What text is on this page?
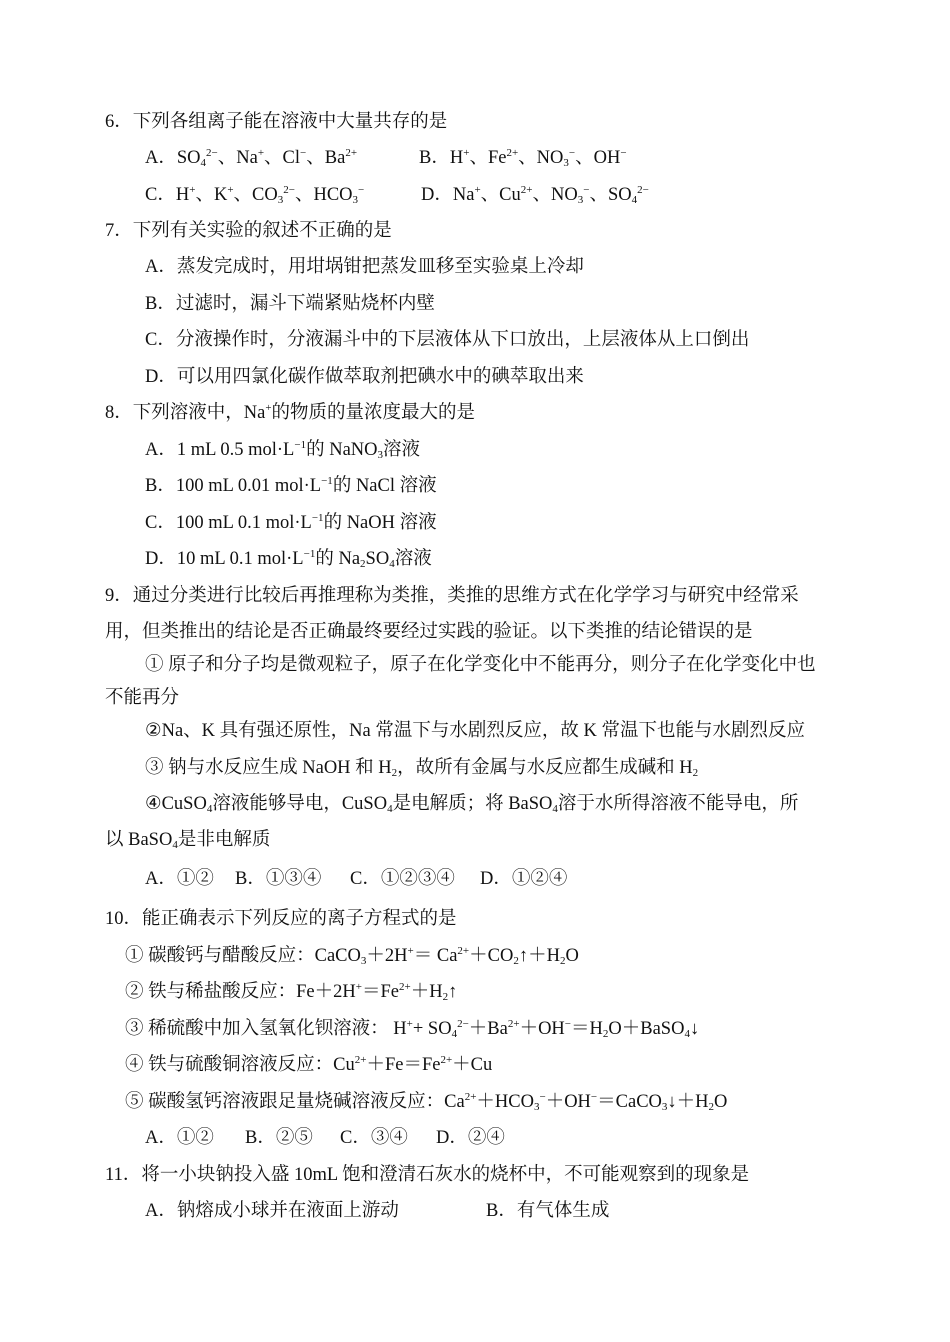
6．下列各组离子能在溶液中大量共存的是
A．$SO_4^{2-}$、Na+、Cl−、$Ba^{2+}$	B．H+、$Fe^{2+}$、$NO_3^-$、OH−
C．H+、K+、$CO_3^{2-}$、$HCO_3^-$	D．Na+、$Cu^{2+}$、$NO_3^-$、$SO_4^{2-}$
7．下列有关实验的叙述不正确的是
A．蒸发完成时，用坩埚钳把蒸发皿移至实验桌上冷却
B．过滤时，漏斗下端紧贴烧杯内壁
C．分液操作时，分液漏斗中的下层液体从下口放出，上层液体从上口倒出
D．可以用四氯化碳作做萃取剂把碘水中的碘萃取出来
8．下列溶液中，Na+的物质的量浓度最大的是
A．1 mL 0.5 $mol\cdot L^{-1}$的 NaNO$_3$溶液
B．100 mL 0.01 $mol\cdot L^{-1}$的 NaCl 溶液
C．100 mL 0.1 $mol\cdot L^{-1}$的 NaOH 溶液
D．10 mL 0.1 $mol\cdot L^{-1}$的 $Na_2SO_4$溶液
9．通过分类进行比较后再推理称为类推，类推的思维方式在化学学习与研究中经常采
用，但类推出的结论是否正确最终要经过实践的验证。以下类推的结论错误的是
① 原子和分子均是微观粒子，原子在化学变化中不能再分，则分子在化学变化中也
不能再分
②Na、K 具有强还原性，Na 常温下与水剧烈反应，故 K 常温下也能与水剧烈反应
③ 钠与水反应生成 NaOH 和 $H_2$，故所有金属与水反应都生成碱和 $H_2$
④CuSO$_4$溶液能够导电，CuSO$_4$是电解质；将 BaSO$_4$溶于水所得溶液不能导电，所
以 BaSO$_4$是非电解质
A．①② B．①③④ C．①②③④ D．①②④
10．能正确表示下列反应的离子方程式的是
① 碳酸钙与醋酸反应：CaCO$_3$＋2H+＝ $Ca^{2+}+CO_2↑+H_2O$
② 铁与稀盐酸反应：$Fe+2H^+=Fe^{2+}+H_2↑$
③ 稀硫酸中加入氢氧化钡溶液： $H^++ SO_4^{2-}+Ba^{2+}+OH^-=H_2O+BaSO_4↓$
④ 铁与硫酸铜溶液反应：$Cu^{2+}+Fe=Fe^{2+}+Cu$
⑤ 碳酸氢钙溶液跟足量烧碱溶液反应：$Ca^{2+}+HCO_3^-+OH^-=CaCO_3↓+H_2O$
A．①② B．②⑤ C．③④ D．②④
11．将一小块钠投入盛 10mL 饱和澄清石灰水的烧杯中，不可能观察到的现象是
A．钠熔成小球并在液面上游动	B．有气体生成
